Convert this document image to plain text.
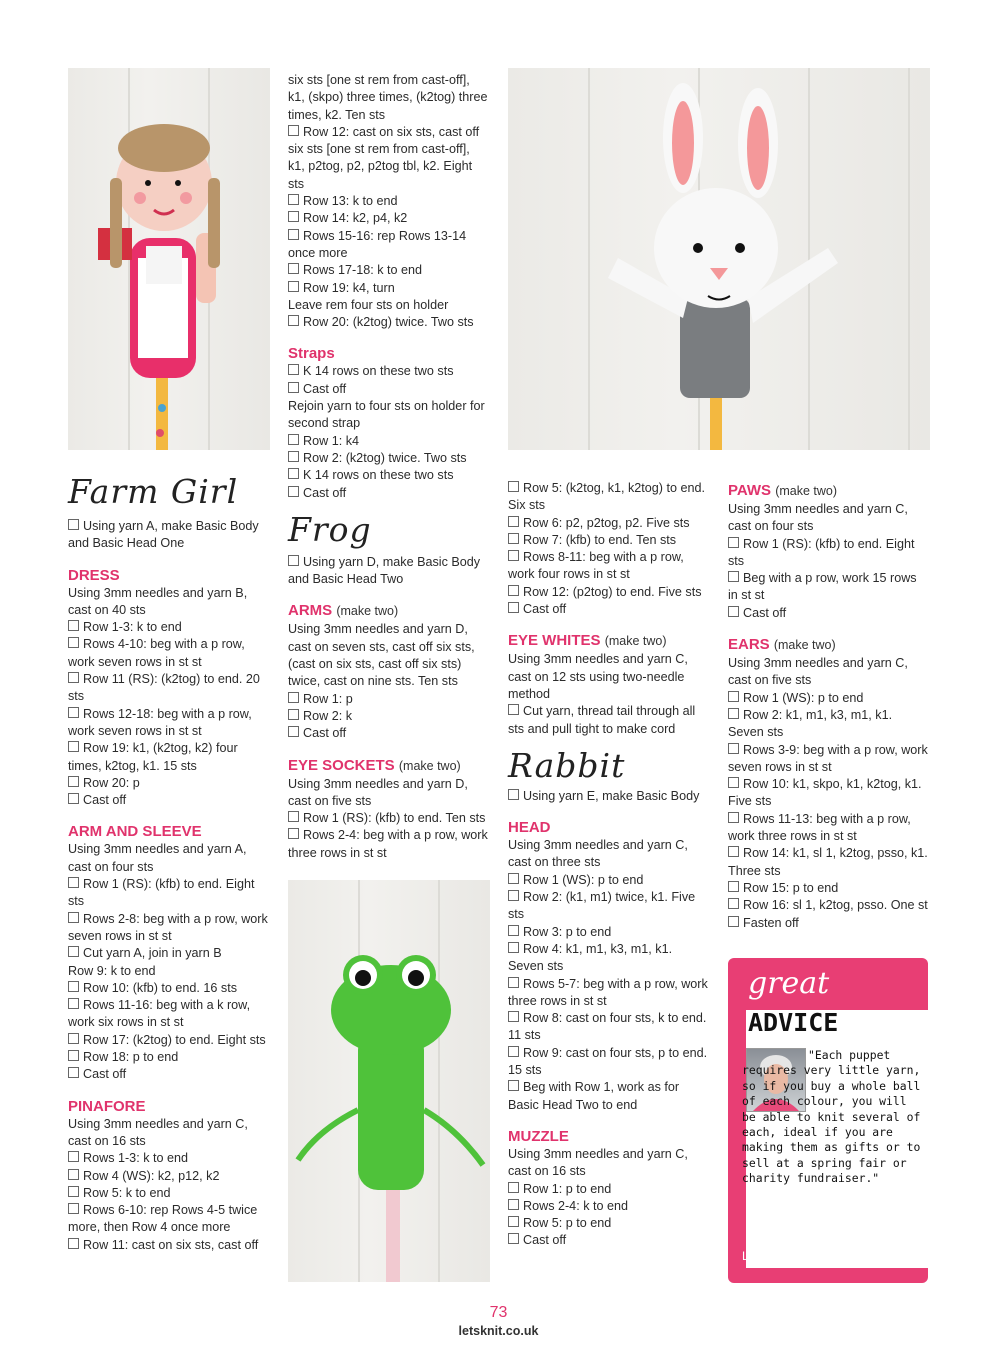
Farm Girl

Using yarn A, make Basic Body and Basic Head One

DRESS

Using 3mm needles and yarn B, cast on 40 sts

Row 1-3: k to end

Rows 4-10: beg with a p row, work seven rows in st st

Row 11 (RS): (k2tog) to end. 20 sts

Rows 12-18: beg with a p row, work seven rows in st st

Row 19: k1, (k2tog, k2) four times, k2tog, k1. 15 sts

Row 20: p

Cast off

ARM AND SLEEVE

Using 3mm needles and yarn A, cast on four sts

Row 1 (RS): (kfb) to end. Eight sts

Rows 2-8: beg with a p row, work seven rows in st st

Cut yarn A, join in yarn B

Row 9: k to end

Row 10: (kfb) to end. 16 sts

Rows 11-16: beg with a k row, work six rows in st st

Row 17: (k2tog) to end. Eight sts

Row 18: p to end

Cast off

PINAFORE

Using 3mm needles and yarn C, cast on 16 sts

Rows 1-3: k to end

Row 4 (WS): k2, p12, k2

Row 5: k to end

Rows 6-10: rep Rows 4-5 twice more, then Row 4 once more

Row 11: cast on six sts, cast off

six sts [one st rem from cast-off], k1, (skpo) three times, (k2tog) three times, k2. Ten sts

Row 12: cast on six sts, cast off six sts [one st rem from cast-off], k1, p2tog, p2, p2tog tbl, k2. Eight sts

Row 13: k to end

Row 14: k2, p4, k2

Rows 15-16: rep Rows 13-14 once more

Rows 17-18: k to end

Row 19: k4, turn

Leave rem four sts on holder

Row 20: (k2tog) twice. Two sts

Straps

K 14 rows on these two sts

Cast off

Rejoin yarn to four sts on holder for second strap

Row 1: k4

Row 2: (k2tog) twice. Two sts

K 14 rows on these two sts

Cast off

Frog

Using yarn D, make Basic Body and Basic Head Two

ARMS (make two)

Using 3mm needles and yarn D, cast on seven sts, cast off six sts, (cast on six sts, cast off six sts) twice, cast on nine sts. Ten sts

Row 1: p

Row 2: k

Cast off

EYE SOCKETS (make two)

Using 3mm needles and yarn D, cast on five sts

Row 1 (RS): (kfb) to end. Ten sts

Rows 2-4: beg with a p row, work three rows in st st

Row 5: (k2tog, k1, k2tog) to end. Six sts

Row 6: p2, p2tog, p2. Five sts

Row 7: (kfb) to end. Ten sts

Rows 8-11: beg with a p row, work four rows in st st

Row 12: (p2tog) to end. Five sts

Cast off

EYE WHITES (make two)

Using 3mm needles and yarn C, cast on 12 sts using two-needle method

Cut yarn, thread tail through all sts and pull tight to make cord

Rabbit

Using yarn E, make Basic Body

HEAD

Using 3mm needles and yarn C, cast on three sts

Row 1 (WS): p to end

Row 2: (k1, m1) twice, k1. Five sts

Row 3: p to end

Row 4: k1, m1, k3, m1, k1. Seven sts

Rows 5-7: beg with a p row, work three rows in st st

Row 8: cast on four sts, k to end. 11 sts

Row 9: cast on four sts, p to end. 15 sts

Beg with Row 1, work as for Basic Head Two to end

MUZZLE

Using 3mm needles and yarn C, cast on 16 sts

Row 1: p to end

Rows 2-4: k to end

Row 5: p to end

Cast off

PAWS (make two)

Using 3mm needles and yarn C, cast on four sts

Row 1 (RS): (kfb) to end. Eight sts

Beg with a p row, work 15 rows in st st

Cast off

EARS (make two)

Using 3mm needles and yarn C, cast on five sts

Row 1 (WS): p to end

Row 2: k1, m1, k3, m1, k1. Seven sts

Rows 3-9: beg with a p row, work seven rows in st st

Row 10: k1, skpo, k1, k2tog, k1. Five sts

Rows 11-13: beg with a p row, work three rows in st st

Row 14: k1, sl 1, k2tog, psso, k1. Three sts

Row 15: p to end

Row 16: sl 1, k2tog, psso. One st

Fasten off

great
ADVICE
"Each puppet requires very little yarn, so if you buy a whole ball of each colour, you will be able to knit several of each, ideal if you are making them as gifts or to sell at a spring fair or charity fundraiser."
LK DESIGNER, Susie Johns
73
letsknit.co.uk
